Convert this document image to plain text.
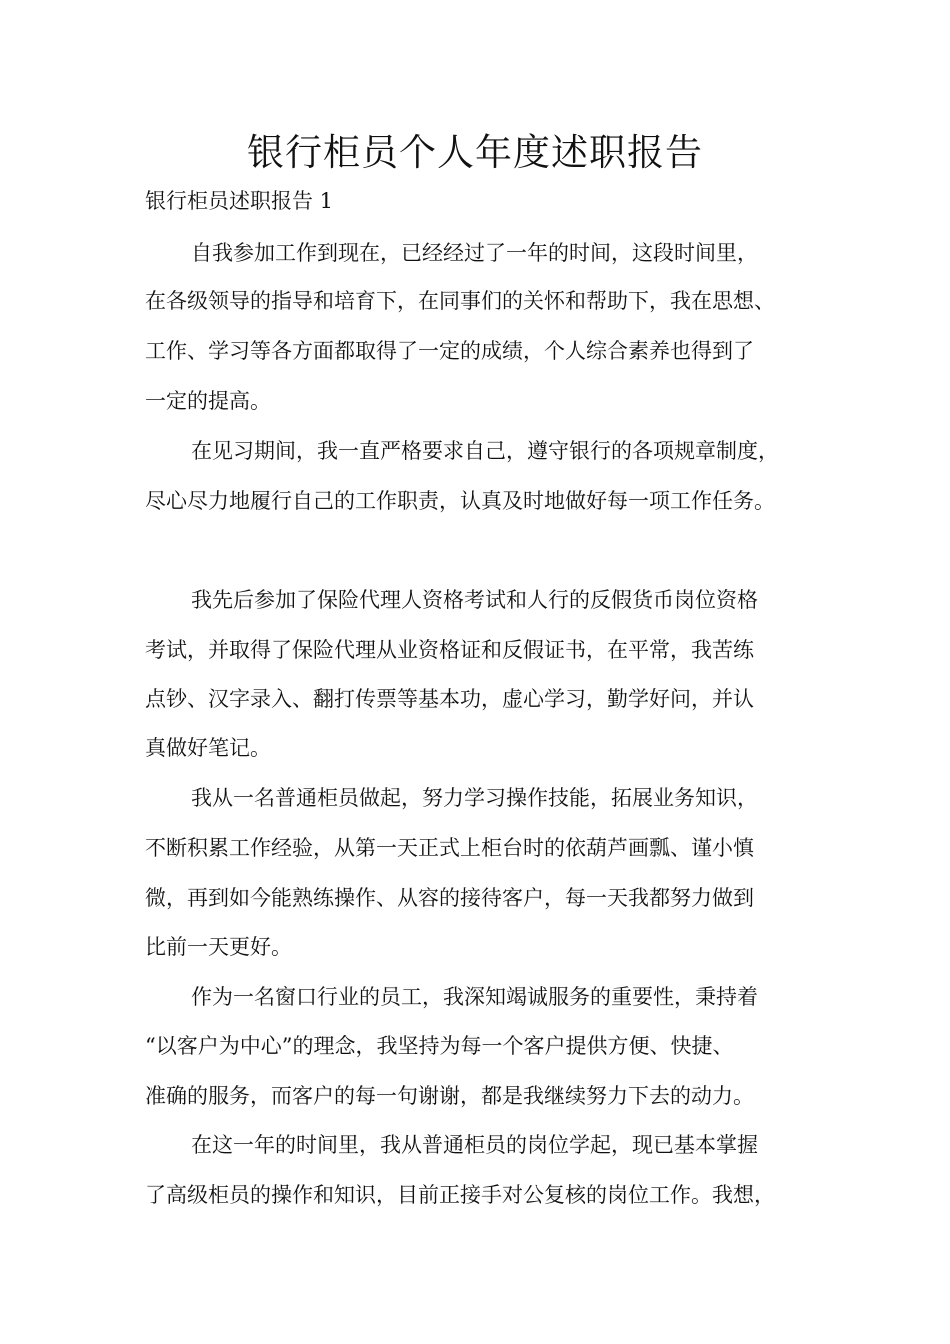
银行柜员个人年度述职报告
银行柜员述职报告 1
自我参加工作到现在，已经经过了一年的时间，这段时间里，
在各级领导的指导和培育下，在同事们的关怀和帮助下，我在思想、
工作、学习等各方面都取得了一定的成绩，个人综合素养也得到了
一定的提高。
在见习期间，我一直严格要求自己，遵守银行的各项规章制度，
尽心尽力地履行自己的工作职责，认真及时地做好每一项工作任务。
我先后参加了保险代理人资格考试和人行的反假货币岗位资格
考试，并取得了保险代理从业资格证和反假证书，在平常，我苦练
点钞、汉字录入、翻打传票等基本功，虚心学习，勤学好问，并认
真做好笔记。
我从一名普通柜员做起，努力学习操作技能，拓展业务知识，
不断积累工作经验，从第一天正式上柜台时的依葫芦画瓢、谨小慎
微，再到如今能熟练操作、从容的接待客户，每一天我都努力做到
比前一天更好。
作为一名窗口行业的员工，我深知竭诚服务的重要性，秉持着
“以客户为中心”的理念，我坚持为每一个客户提供方便、快捷、
准确的服务，而客户的每一句谢谢，都是我继续努力下去的动力。
在这一年的时间里，我从普通柜员的岗位学起，现已基本掌握
了高级柜员的操作和知识，目前正接手对公复核的岗位工作。我想，
